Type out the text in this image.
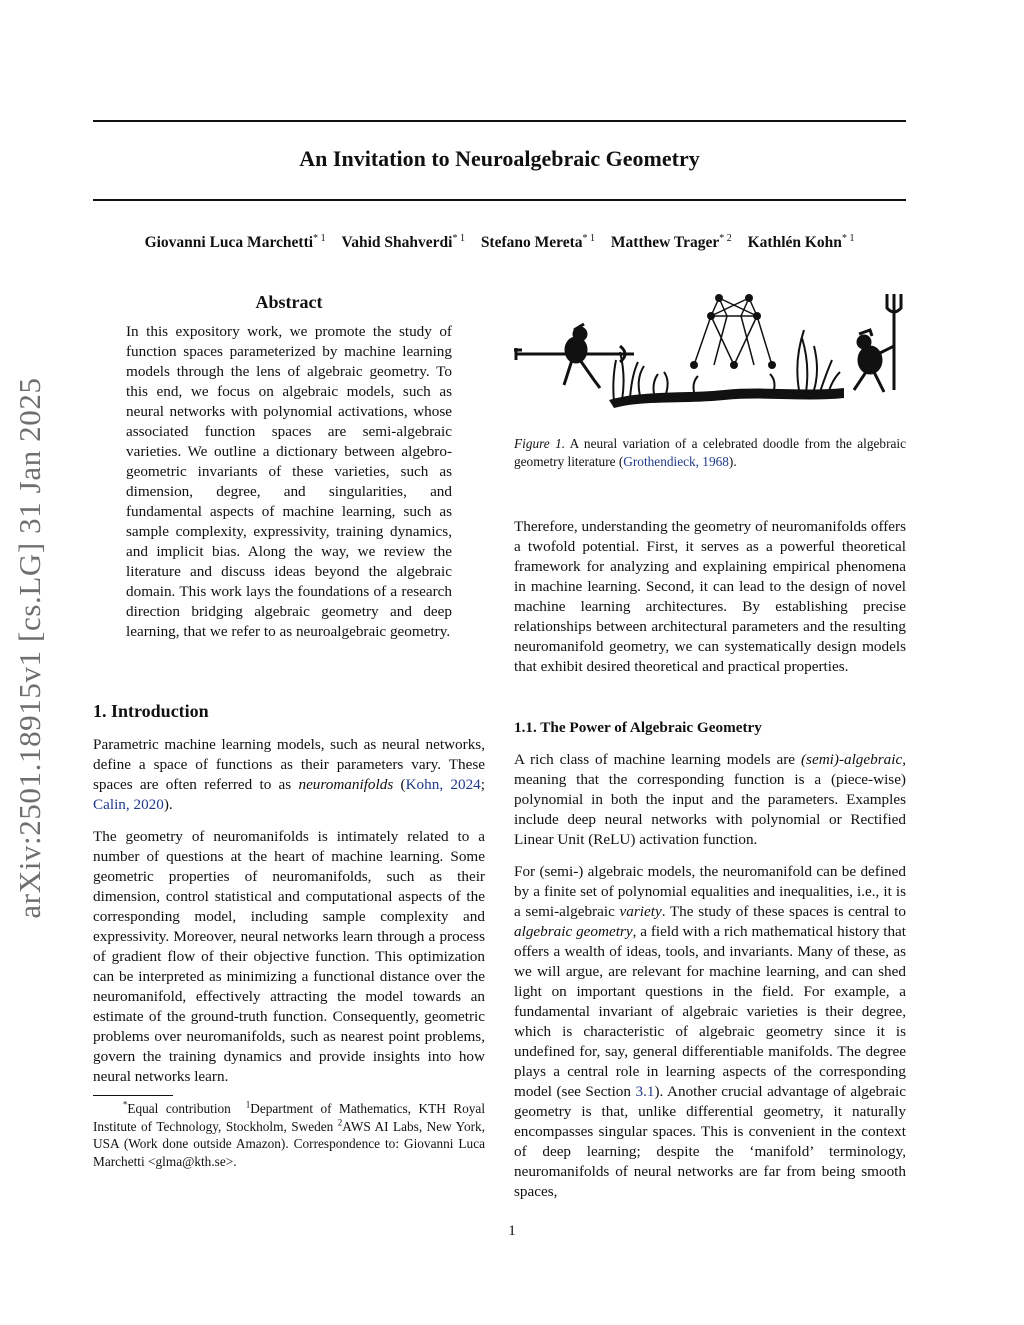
An Invitation to Neuroalgebraic Geometry
Giovanni Luca Marchetti$^{* 1}$ Vahid Shahverdi$^{* 1}$ Stefano Mereta$^{* 1}$ Matthew Trager$^{* 2}$ Kathlén Kohn$^{* 1}$
arXiv:2501.18915v1 [cs.LG] 31 Jan 2025
Abstract
In this expository work, we promote the study of function spaces parameterized by machine learning models through the lens of algebraic geometry. To this end, we focus on algebraic models, such as neural networks with polynomial activations, whose associated function spaces are semi-algebraic varieties. We outline a dictionary between algebro-geometric invariants of these varieties, such as dimension, degree, and singularities, and fundamental aspects of machine learning, such as sample complexity, expressivity, training dynamics, and implicit bias. Along the way, we review the literature and discuss ideas beyond the algebraic domain. This work lays the foundations of a research direction bridging algebraic geometry and deep learning, that we refer to as neuroalgebraic geometry.
1. Introduction

Parametric machine learning models, such as neural networks, define a space of functions as their parameters vary. These spaces are often referred to as neuromanifolds (Kohn, 2024; Calin, 2020).

The geometry of neuromanifolds is intimately related to a number of questions at the heart of machine learning. Some geometric properties of neuromanifolds, such as their dimension, control statistical and computational aspects of the corresponding model, including sample complexity and expressivity. Moreover, neural networks learn through a process of gradient flow of their objective function. This optimization can be interpreted as minimizing a functional distance over the neuromanifold, effectively attracting the model towards an estimate of the ground-truth function. Consequently, geometric problems over neuromanifolds, such as nearest point problems, govern the training dynamics and provide insights into how neural networks learn.

*Equal contribution $^1$Department of Mathematics, KTH Royal Institute of Technology, Stockholm, Sweden $^2$AWS AI Labs, New York, USA (Work done outside Amazon). Correspondence to: Giovanni Luca Marchetti <glma@kth.se>.
Figure 1. A neural variation of a celebrated doodle from the algebraic geometry literature (Grothendieck, 1968).

Therefore, understanding the geometry of neuromanifolds offers a twofold potential. First, it serves as a powerful theoretical framework for analyzing and explaining empirical phenomena in machine learning. Second, it can lead to the design of novel machine learning architectures. By establishing precise relationships between architectural parameters and the resulting neuromanifold geometry, we can systematically design models that exhibit desired theoretical and practical properties.

1.1. The Power of Algebraic Geometry

A rich class of machine learning models are (semi)-algebraic, meaning that the corresponding function is a (piece-wise) polynomial in both the input and the parameters. Examples include deep neural networks with polynomial or Rectified Linear Unit (ReLU) activation function.

For (semi-) algebraic models, the neuromanifold can be defined by a finite set of polynomial equalities and inequalities, i.e., it is a semi-algebraic variety. The study of these spaces is central to algebraic geometry, a field with a rich mathematical history that offers a wealth of ideas, tools, and invariants. Many of these, as we will argue, are relevant for machine learning, and can shed light on important questions in the field. For example, a fundamental invariant of algebraic varieties is their degree, which is characteristic of algebraic geometry since it is undefined for, say, general differentiable manifolds. The degree plays a central role in learning aspects of the corresponding model (see Section 3.1). Another crucial advantage of algebraic geometry is that, unlike differential geometry, it naturally encompasses singular spaces. This is convenient in the context of deep learning; despite the ‘manifold’ terminology, neuromanifolds of neural networks are far from being smooth spaces,

1
